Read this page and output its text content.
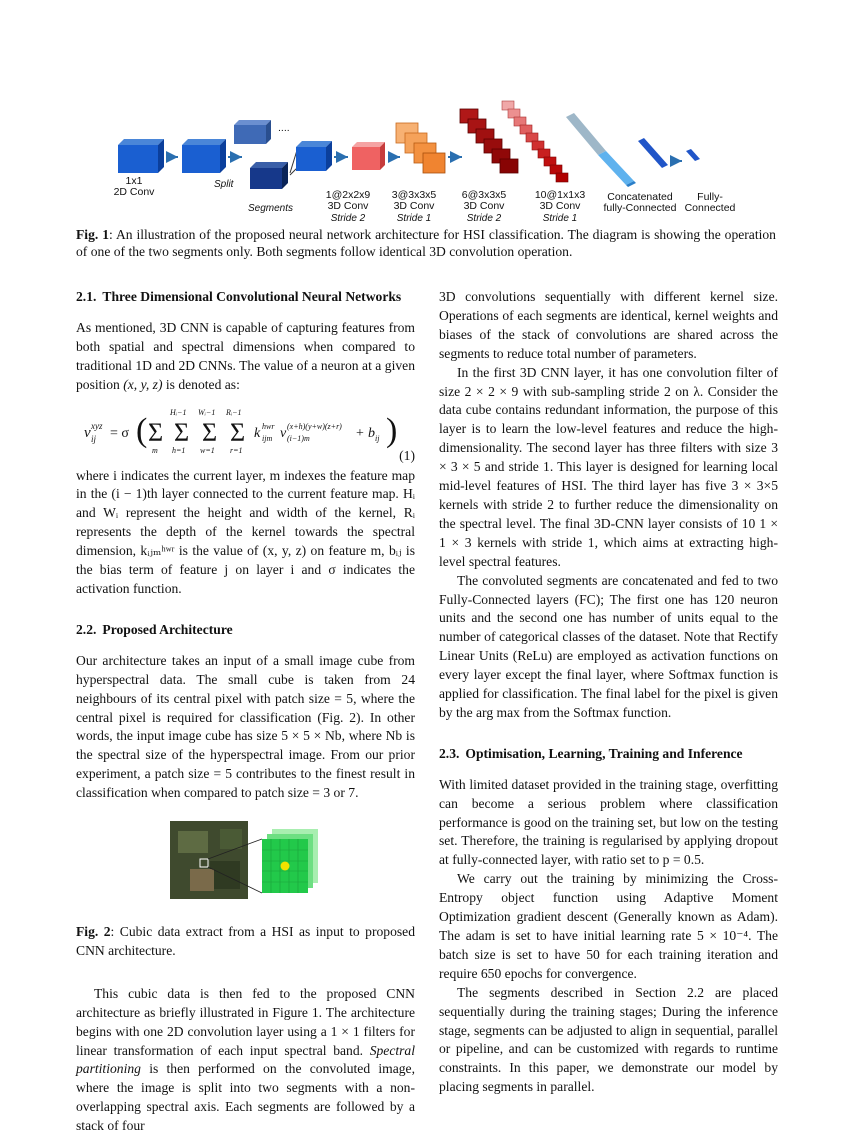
....
1x1
2D Conv
Split
Segments
1@2x2x9
3D Conv
Stride 2
3@3x3x5
3D Conv
Stride 1
6@3x3x5
3D Conv
Stride 2
10@1x1x3
3D Conv
Stride 1
Concatenated
fully-Connected
Fully-
Connected
Fig. 1: An illustration of the proposed neural network architecture for HSI classification. The diagram is showing the operation of one of the two segments only. Both segments follow identical 3D convolution operation.
2.1. Three Dimensional Convolutional Neural Networks

As mentioned, 3D CNN is capable of capturing features from both spatial and spectral dimensions when compared to traditional 1D and 2D CNNs. The value of a neuron at a given position (x, y, z) is denoted as:

v xyz
ij = σ ( Σ
m
Σ
Hᵢ−1
h=1
Σ
Wᵢ−1
w=1
Σ
Rᵢ−1
r=1
k hwr
ijm v (x+h)(y+w)(z+r)
(i−1)m	+ b ij )
(1)

where i indicates the current layer, m indexes the feature map in the (i − 1)th layer connected to the current feature map. Hᵢ and Wᵢ represent the height and width of the kernel, Rᵢ represents the depth of the kernel towards the spectral dimension, kᵢⱼₘʰʷʳ is the value of (x, y, z) on feature m, bᵢⱼ is the bias term of feature j on layer i and σ indicates the activation function.

2.2. Proposed Architecture

Our architecture takes an input of a small image cube from hyperspectral data. The small cube is taken from 24 neighbours of its central pixel with patch size = 5, where the central pixel is required for classification (Fig. 2). In other words, the input image cube has size 5 × 5 × Nb, where Nb is the spectral size of the hyperspectral image. From our prior experiment, a patch size = 5 contributes to the finest result in classification when compared to patch size = 3 or 7.

Fig. 2: Cubic data extract from a HSI as input to proposed CNN architecture.

This cubic data is then fed to the proposed CNN architecture as briefly illustrated in Figure 1. The architecture begins with one 2D convolution layer using a 1 × 1 filters for linear transformation of each input spectral band. Spectral partitioning is then performed on the convoluted image, where the image is split into two segments with a non-overlapping spectral axis. Each segments are followed by a stack of four

3D convolutions sequentially with different kernel size. Operations of each segments are identical, kernel weights and biases of the stack of convolutions are shared across the segments to reduce total number of parameters.

In the first 3D CNN layer, it has one convolution filter of size 2 × 2 × 9 with sub-sampling stride 2 on λ. Consider the data cube contains redundant information, the purpose of this layer is to learn the low-level features and reduce the high-dimensionality. The second layer has three filters with size 3 × 3 × 5 and stride 1. This layer is designed for learning local mid-level features of HSI. The third layer has five 3 × 3×5 kernels with stride 2 to further reduce the dimensionality on the spectral level. The final 3D-CNN layer consists of 10 1 × 1 × 3 kernels with stride 1, which aims at extracting high-level spectral features.

The convoluted segments are concatenated and fed to two Fully-Connected layers (FC); The first one has 120 neuron units and the second one has number of units equal to the number of categorical classes of the dataset. Note that Rectify Linear Units (ReLu) are employed as activation functions on every layer except the final layer, where Softmax function is applied for classification. The final label for the pixel is given by the arg max from the Softmax function.

2.3. Optimisation, Learning, Training and Inference

With limited dataset provided in the training stage, overfitting can become a serious problem where classification performance is good on the training set, but low on the testing set. Therefore, the training is regularised by applying dropout at fully-connected layer, with ratio set to p = 0.5.

We carry out the training by minimizing the Cross-Entropy object function using Adaptive Moment Optimization gradient descent (Generally known as Adam). The adam is set to have initial learning rate 5 × 10⁻⁴. The batch size is set to have 50 for each training iteration and require 650 epochs for convergence.

The segments described in Section 2.2 are placed sequentially during the training stages; During the inference stage, segments can be adjusted to align in sequential, parallel or pipeline, and can be customized with regards to runtime constraints. In this paper, we demonstrate our model by placing segments in parallel.
